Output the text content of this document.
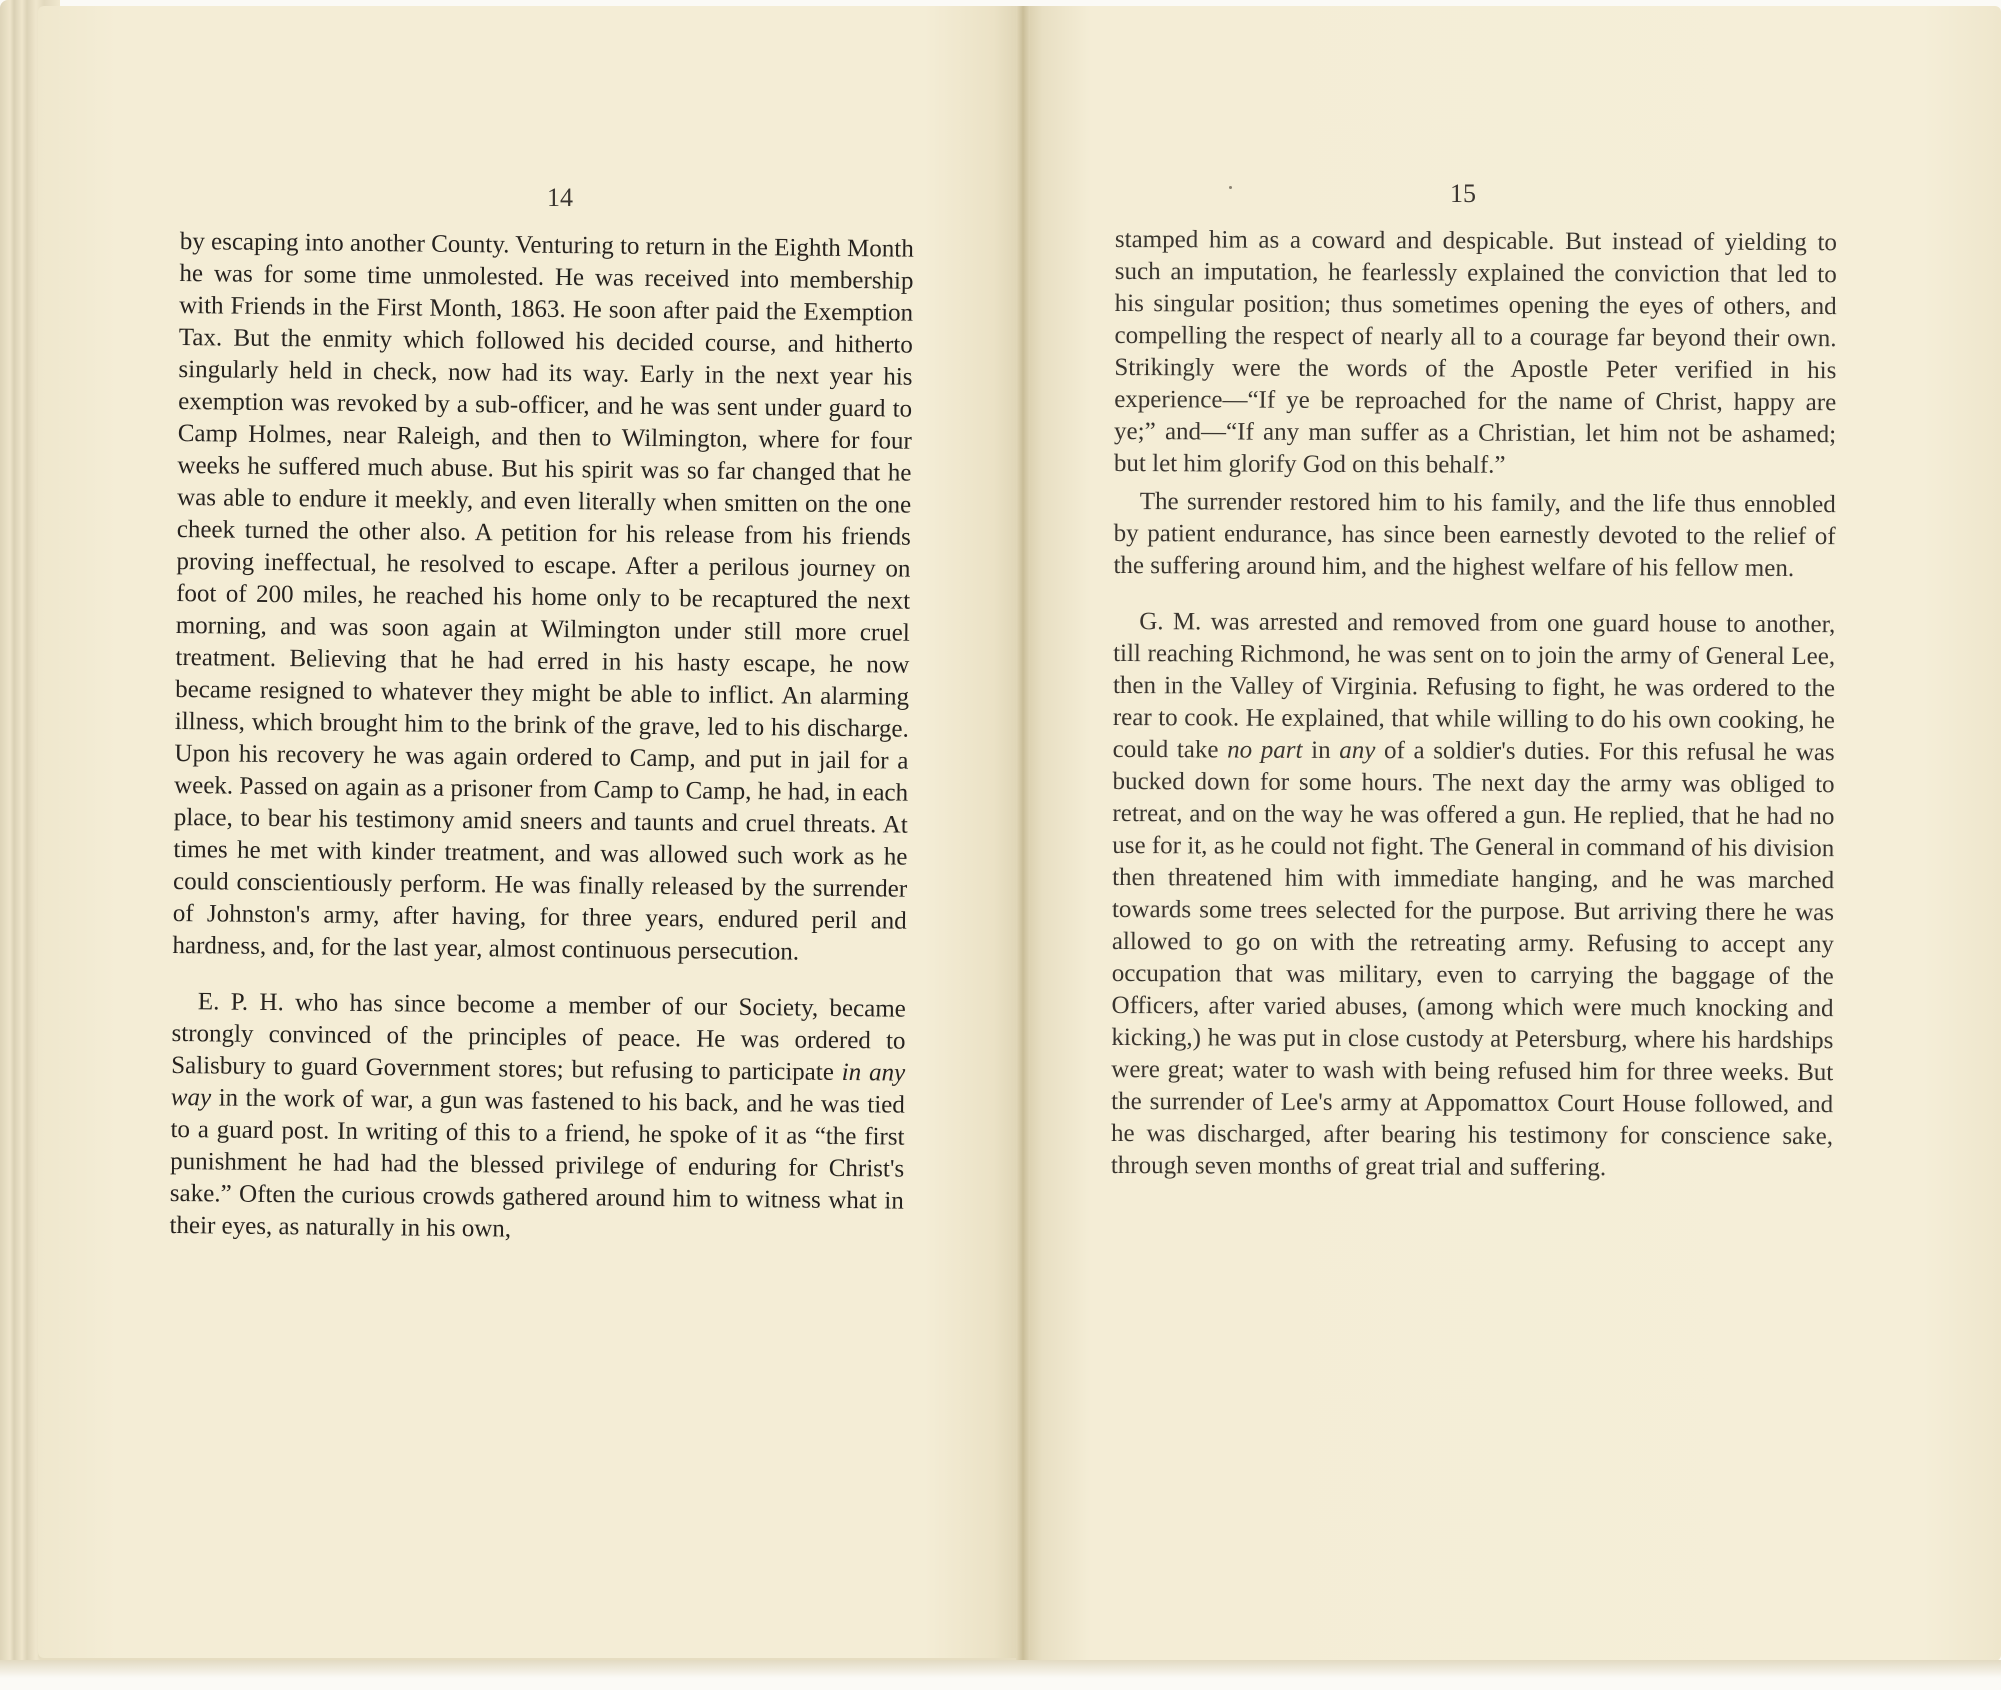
14	15

by escaping into another County. Venturing to return in the Eighth Month he was for some time unmolested. He was received into membership with Friends in the First Month, 1863. He soon after paid the Exemption Tax. But the enmity which followed his decided course, and hitherto singularly held in check, now had its way. Early in the next year his exemption was revoked by a sub-officer, and he was sent under guard to Camp Holmes, near Raleigh, and then to Wilmington, where for four weeks he suffered much abuse. But his spirit was so far changed that he was able to endure it meekly, and even literally when smitten on the one cheek turned the other also. A petition for his release from his friends proving ineffectual, he resolved to escape. After a perilous journey on foot of 200 miles, he reached his home only to be recaptured the next morning, and was soon again at Wilmington under still more cruel treatment. Believing that he had erred in his hasty escape, he now became resigned to whatever they might be able to inflict. An alarming illness, which brought him to the brink of the grave, led to his discharge. Upon his recovery he was again ordered to Camp, and put in jail for a week. Passed on again as a prisoner from Camp to Camp, he had, in each place, to bear his testimony amid sneers and taunts and cruel threats. At times he met with kinder treatment, and was allowed such work as he could conscientiously perform. He was finally released by the surrender of Johnston's army, after having, for three years, endured peril and hardness, and, for the last year, almost continuous persecution.

E. P. H. who has since become a member of our Society, became strongly convinced of the principles of peace. He was ordered to Salisbury to guard Government stores; but refusing to participate in any way in the work of war, a gun was fastened to his back, and he was tied to a guard post. In writing of this to a friend, he spoke of it as “the first punishment he had had the blessed privilege of enduring for Christ's sake.” Often the curious crowds gathered around him to witness what in their eyes, as naturally in his own,

stamped him as a coward and despicable. But instead of yielding to such an imputation, he fearlessly explained the conviction that led to his singular position; thus sometimes opening the eyes of others, and compelling the respect of nearly all to a courage far beyond their own. Strikingly were the words of the Apostle Peter verified in his experience—“If ye be reproached for the name of Christ, happy are ye;” and—“If any man suffer as a Christian, let him not be ashamed; but let him glorify God on this behalf.”

The surrender restored him to his family, and the life thus ennobled by patient endurance, has since been earnestly devoted to the relief of the suffering around him, and the highest welfare of his fellow men.

G. M. was arrested and removed from one guard house to another, till reaching Richmond, he was sent on to join the army of General Lee, then in the Valley of Virginia. Refusing to fight, he was ordered to the rear to cook. He explained, that while willing to do his own cooking, he could take no part in any of a soldier's duties. For this refusal he was bucked down for some hours. The next day the army was obliged to retreat, and on the way he was offered a gun. He replied, that he had no use for it, as he could not fight. The General in command of his division then threatened him with immediate hanging, and he was marched towards some trees selected for the purpose. But arriving there he was allowed to go on with the retreating army. Refusing to accept any occupation that was military, even to carrying the baggage of the Officers, after varied abuses, (among which were much knocking and kicking,) he was put in close custody at Petersburg, where his hardships were great; water to wash with being refused him for three weeks. But the surrender of Lee's army at Appomattox Court House followed, and he was discharged, after bearing his testimony for conscience sake, through seven months of great trial and suffering.
